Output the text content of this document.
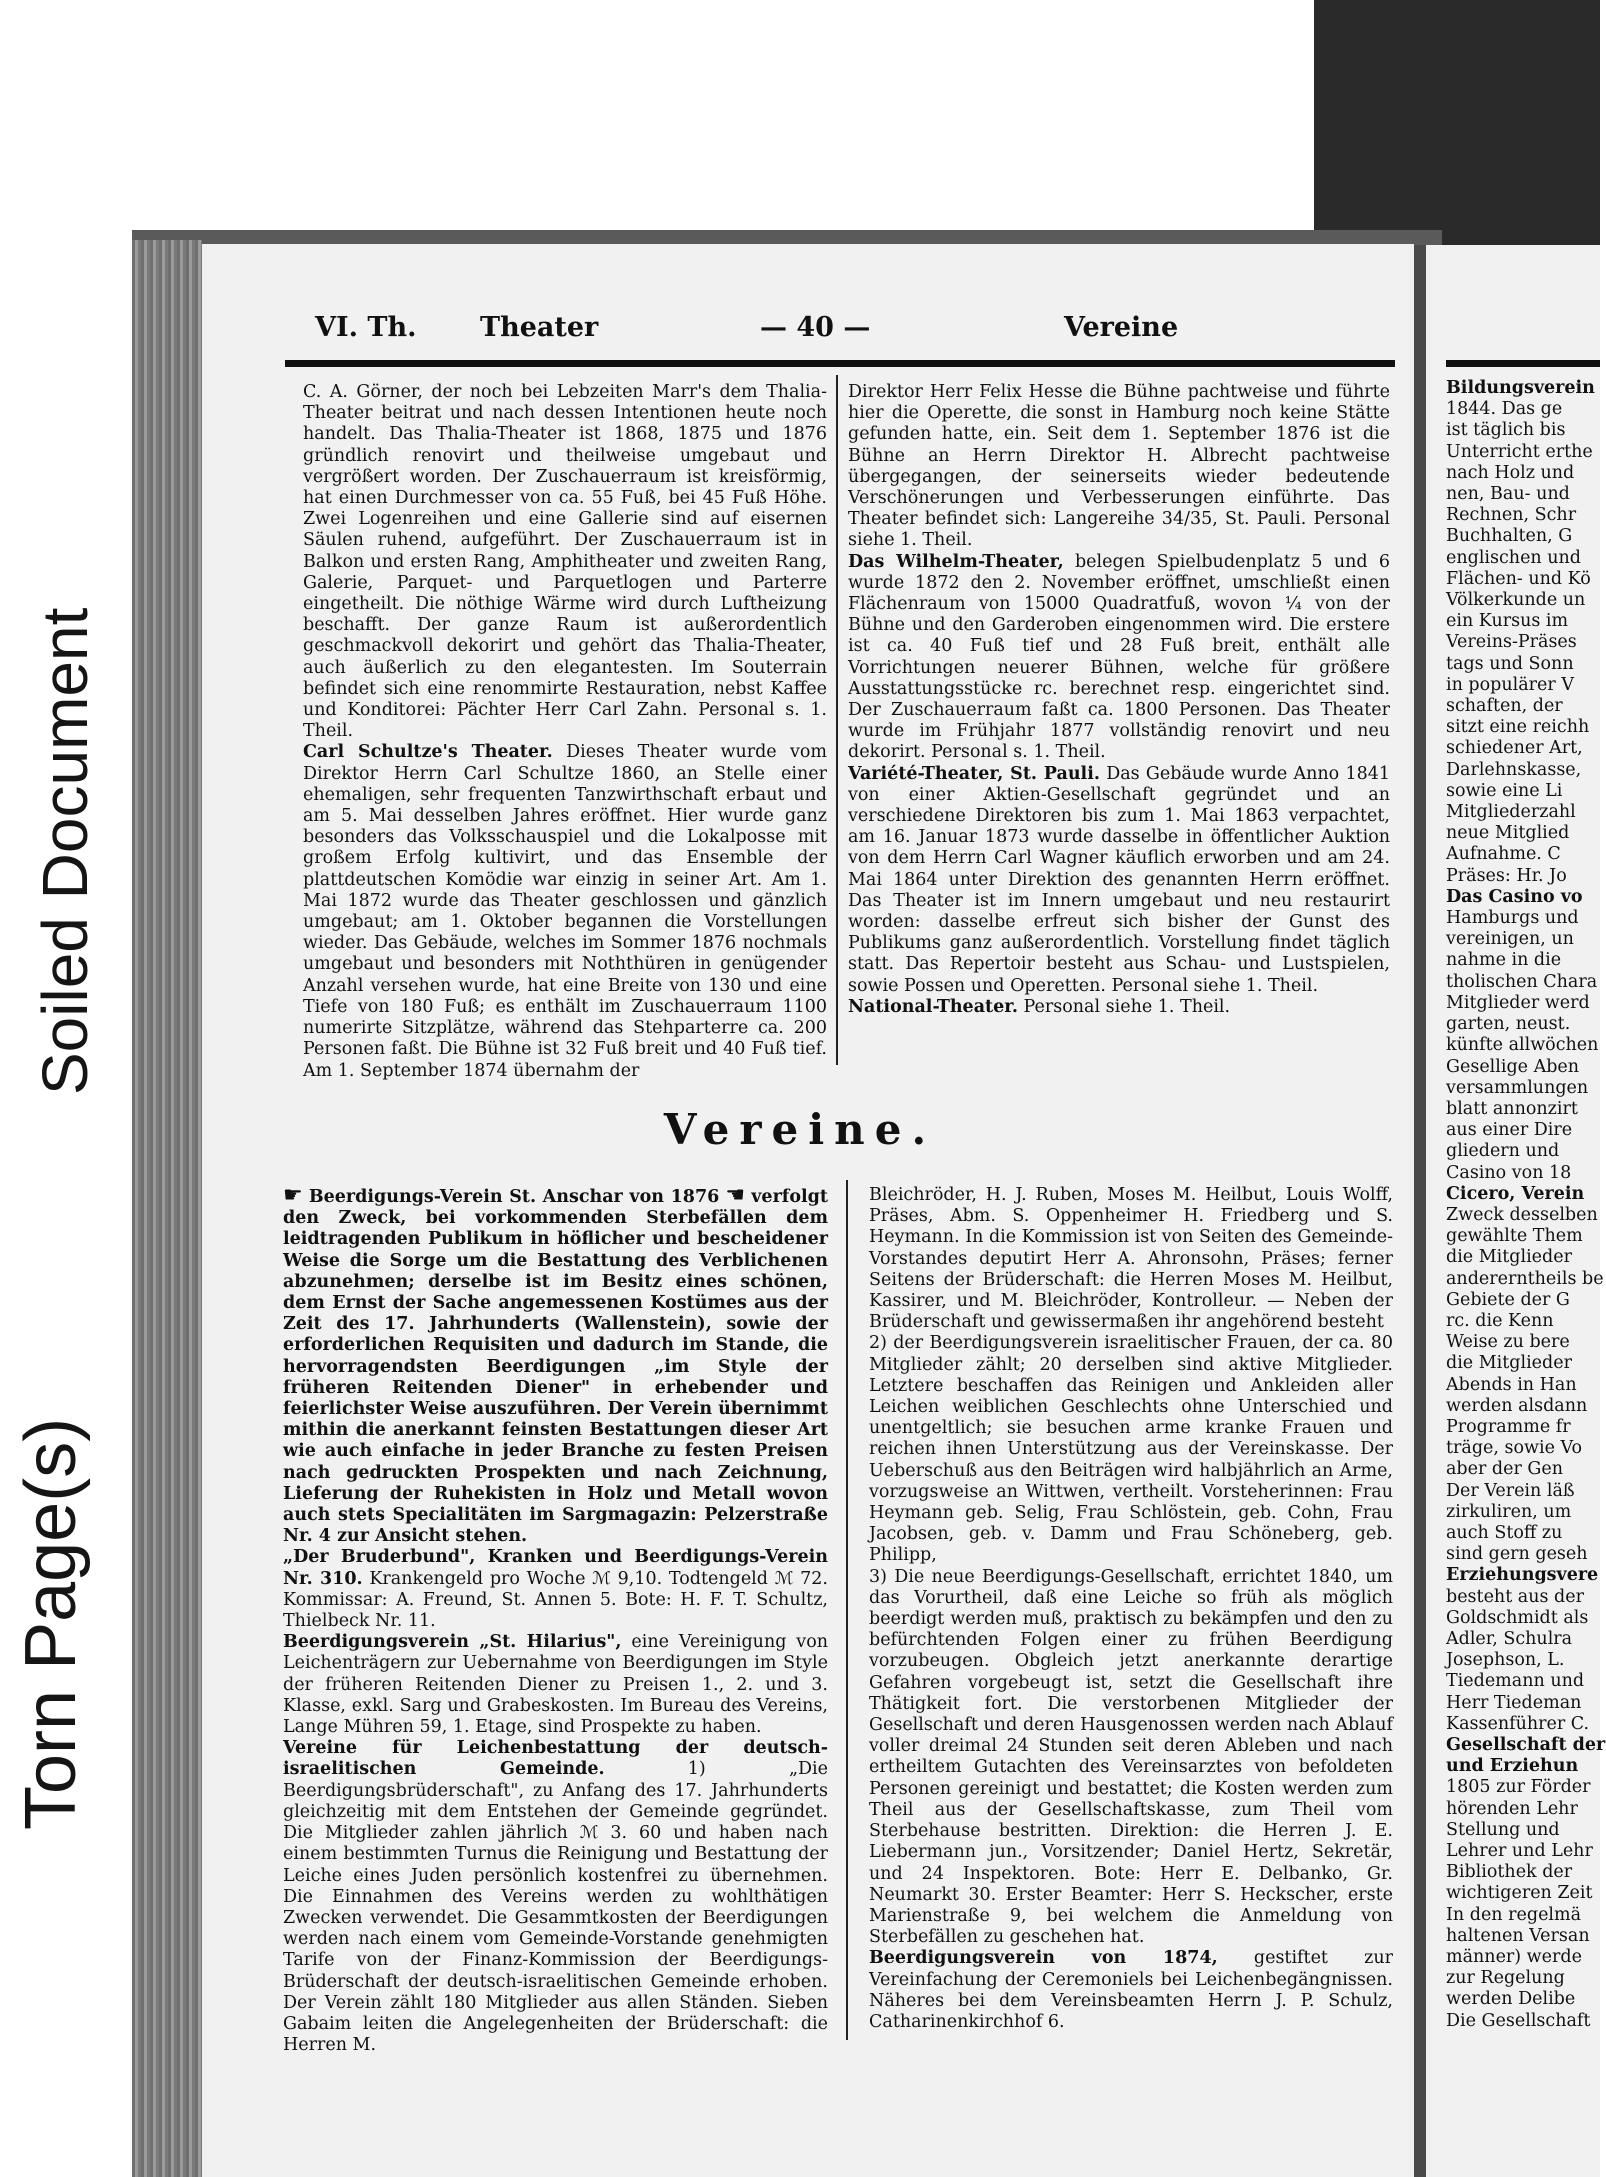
Soiled Document
Torn Page(s)
VI. Th. Theater	— 40 —	Vereine

C. A. Görner, der noch bei Lebzeiten Marr's dem Thalia-Theater beitrat und nach dessen Intentionen heute noch handelt. Das Thalia-Theater ist 1868, 1875 und 1876 gründlich renovirt und theilweise umgebaut und vergrößert worden. Der Zuschauerraum ist kreisförmig, hat einen Durchmesser von ca. 55 Fuß, bei 45 Fuß Höhe. Zwei Logenreihen und eine Gallerie sind auf eisernen Säulen ruhend, aufgeführt. Der Zuschauerraum ist in Balkon und ersten Rang, Amphitheater und zweiten Rang, Galerie, Parquet- und Parquetlogen und Parterre eingetheilt. Die nöthige Wärme wird durch Luftheizung beschafft. Der ganze Raum ist außerordentlich geschmackvoll dekorirt und gehört das Thalia-Theater, auch äußerlich zu den elegantesten. Im Souterrain befindet sich eine renommirte Restauration, nebst Kaffee und Konditorei: Pächter Herr Carl Zahn. Personal s. 1. Theil.

Carl Schultze's Theater. Dieses Theater wurde vom Direktor Herrn Carl Schultze 1860, an Stelle einer ehemaligen, sehr frequenten Tanzwirthschaft erbaut und am 5. Mai desselben Jahres eröffnet. Hier wurde ganz besonders das Volksschauspiel und die Lokalposse mit großem Erfolg kultivirt, und das Ensemble der plattdeutschen Komödie war einzig in seiner Art. Am 1. Mai 1872 wurde das Theater geschlossen und gänzlich umgebaut; am 1. Oktober begannen die Vorstellungen wieder. Das Gebäude, welches im Sommer 1876 nochmals umgebaut und besonders mit Noththüren in genügender Anzahl versehen wurde, hat eine Breite von 130 und eine Tiefe von 180 Fuß; es enthält im Zuschauerraum 1100 numerirte Sitzplätze, während das Stehparterre ca. 200 Personen faßt. Die Bühne ist 32 Fuß breit und 40 Fuß tief. Am 1. September 1874 übernahm der

Direktor Herr Felix Hesse die Bühne pachtweise und führte hier die Operette, die sonst in Hamburg noch keine Stätte gefunden hatte, ein. Seit dem 1. September 1876 ist die Bühne an Herrn Direktor H. Albrecht pachtweise übergegangen, der seinerseits wieder bedeutende Verschönerungen und Verbesserungen einführte. Das Theater befindet sich: Langereihe 34/35, St. Pauli. Personal siehe 1. Theil.

Das Wilhelm-Theater, belegen Spielbudenplatz 5 und 6 wurde 1872 den 2. November eröffnet, umschließt einen Flächenraum von 15000 Quadratfuß, wovon ¼ von der Bühne und den Garderoben eingenommen wird. Die erstere ist ca. 40 Fuß tief und 28 Fuß breit, enthält alle Vorrichtungen neuerer Bühnen, welche für größere Ausstattungsstücke rc. berechnet resp. eingerichtet sind. Der Zuschauerraum faßt ca. 1800 Personen. Das Theater wurde im Frühjahr 1877 vollständig renovirt und neu dekorirt. Personal s. 1. Theil.

Variété-Theater, St. Pauli. Das Gebäude wurde Anno 1841 von einer Aktien-Gesellschaft gegründet und an verschiedene Direktoren bis zum 1. Mai 1863 verpachtet, am 16. Januar 1873 wurde dasselbe in öffentlicher Auktion von dem Herrn Carl Wagner käuflich erworben und am 24. Mai 1864 unter Direktion des genannten Herrn eröffnet. Das Theater ist im Innern umgebaut und neu restaurirt worden: dasselbe erfreut sich bisher der Gunst des Publikums ganz außerordentlich. Vorstellung findet täglich statt. Das Repertoir besteht aus Schau- und Lustspielen, sowie Possen und Operetten. Personal siehe 1. Theil.

National-Theater. Personal siehe 1. Theil.

Vereine.

☛ Beerdigungs-Verein St. Anschar von 1876 ☚ verfolgt den Zweck, bei vorkommenden Sterbefällen dem leidtragenden Publikum in höflicher und bescheidener Weise die Sorge um die Bestattung des Verblichenen abzunehmen; derselbe ist im Besitz eines schönen, dem Ernst der Sache angemessenen Kostümes aus der Zeit des 17. Jahrhunderts (Wallenstein), sowie der erforderlichen Requisiten und dadurch im Stande, die hervorragendsten Beerdigungen „im Style der früheren Reitenden Diener" in erhebender und feierlichster Weise auszuführen. Der Verein übernimmt mithin die anerkannt feinsten Bestattungen dieser Art wie auch einfache in jeder Branche zu festen Preisen nach gedruckten Prospekten und nach Zeichnung, Lieferung der Ruhekisten in Holz und Metall wovon auch stets Specialitäten im Sargmagazin: Pelzerstraße Nr. 4 zur Ansicht stehen.

„Der Bruderbund", Kranken und Beerdigungs-Verein Nr. 310. Krankengeld pro Woche ℳ 9,10. Todtengeld ℳ 72. Kommissar: A. Freund, St. Annen 5. Bote: H. F. T. Schultz, Thielbeck Nr. 11.

Beerdigungsverein „St. Hilarius", eine Vereinigung von Leichenträgern zur Uebernahme von Beerdigungen im Style der früheren Reitenden Diener zu Preisen 1., 2. und 3. Klasse, exkl. Sarg und Grabeskosten. Im Bureau des Vereins, Lange Mühren 59, 1. Etage, sind Prospekte zu haben.

Vereine für Leichenbestattung der deutsch-israelitischen Gemeinde.	1) „Die Beerdigungsbrüderschaft", zu Anfang des 17. Jahrhunderts gleichzeitig mit dem Entstehen der Gemeinde gegründet. Die Mitglieder zahlen jährlich ℳ 3. 60 und haben nach einem bestimmten Turnus die Reinigung und Bestattung der Leiche eines Juden persönlich kostenfrei zu übernehmen. Die Einnahmen des Vereins werden zu wohlthätigen Zwecken verwendet. Die Gesammtkosten der Beerdigungen werden nach einem vom Gemeinde-Vorstande genehmigten Tarife von der Finanz-Kommission der Beerdigungs-Brüderschaft der deutsch-israelitischen Gemeinde erhoben. Der Verein zählt 180 Mitglieder aus allen Ständen. Sieben Gabaim leiten die Angelegenheiten der Brüderschaft: die Herren M.

Bleichröder, H. J. Ruben, Moses M. Heilbut, Louis Wolff, Präses, Abm. S. Oppenheimer H. Friedberg und S. Heymann. In die Kommission ist von Seiten des Gemeinde-Vorstandes deputirt Herr A. Ahronsohn, Präses; ferner Seitens der Brüderschaft: die Herren Moses M. Heilbut, Kassirer, und M. Bleichröder, Kontrolleur. — Neben der Brüderschaft und gewissermaßen ihr angehörend besteht

2) der Beerdigungsverein israelitischer Frauen, der ca. 80 Mitglieder zählt; 20 derselben sind aktive Mitglieder. Letztere beschaffen das Reinigen und Ankleiden aller Leichen weiblichen Geschlechts ohne Unterschied und unentgeltlich; sie besuchen arme kranke Frauen und reichen ihnen Unterstützung aus der Vereinskasse. Der Ueberschuß aus den Beiträgen wird halbjährlich an Arme, vorzugsweise an Wittwen, vertheilt. Vorsteherinnen: Frau Heymann geb. Selig, Frau Schlöstein, geb. Cohn, Frau Jacobsen, geb. v. Damm und Frau Schöneberg, geb. Philipp,

3) Die neue Beerdigungs-Gesellschaft, errichtet 1840, um das Vorurtheil, daß eine Leiche so früh als möglich beerdigt werden muß, praktisch zu bekämpfen und den zu befürchtenden Folgen einer zu frühen Beerdigung vorzubeugen. Obgleich jetzt anerkannte derartige Gefahren vorgebeugt ist, setzt die Gesellschaft ihre Thätigkeit fort. Die verstorbenen Mitglieder der Gesellschaft und deren Hausgenossen werden nach Ablauf voller dreimal 24 Stunden seit deren Ableben und nach ertheiltem Gutachten des Vereinsarztes von befoldeten Personen gereinigt und bestattet; die Kosten werden zum Theil aus der Gesellschaftskasse, zum Theil vom Sterbehause bestritten. Direktion: die Herren J. E. Liebermann jun., Vorsitzender; Daniel Hertz, Sekretär, und 24 Inspektoren. Bote: Herr E. Delbanko, Gr. Neumarkt 30. Erster Beamter: Herr S. Heckscher, erste Marienstraße 9, bei welchem die Anmeldung von Sterbefällen zu geschehen hat.

Beerdigungsverein von 1874, gestiftet zur Vereinfachung der Ceremoniels bei Leichenbegängnissen. Näheres bei dem Vereinsbeamten Herrn J. P. Schulz, Catharinenkirchhof 6.

Bildungsverein
1844. Das ge
ist täglich bis
Unterricht erthe
nach Holz und
nen, Bau- und
Rechnen, Schr
Buchhalten, G
englischen und
Flächen- und Kö
Völkerkunde un
ein Kursus im
Vereins-Präses
tags und Sonn
in populärer V
schaften, der
sitzt eine reichh
schiedener Art,
Darlehnskasse,
sowie eine Li
Mitgliederzahl
neue Mitglied
Aufnahme. C
Präses: Hr. Jo
Das Casino vo
Hamburgs und
vereinigen, un
nahme in die
tholischen Chara
Mitglieder werd
garten, neust.
künfte allwöchen
Gesellige Aben
versammlungen
blatt annonzirt
aus einer Dire
gliedern und
Casino von 18
Cicero, Verein
Zweck desselben
gewählte Them
die Mitglieder
andererntheils be
Gebiete der G
rc. die Kenn
Weise zu bere
die Mitglieder
Abends in Han
werden alsdann
Programme fr
träge, sowie Vo
aber der Gen
Der Verein läß
zirkuliren, um
auch Stoff zu
sind gern geseh
Erziehungsvere
besteht aus der
Goldschmidt als
Adler, Schulra
Josephson, L.
Tiedemann und
Herr Tiedeman
Kassenführer C.
Gesellschaft der
und Erziehun
1805 zur Förder
hörenden Lehr
Stellung und
Lehrer und Lehr
Bibliothek der
wichtigeren Zeit
In den regelmä
haltenen Versan
männer) werde
zur Regelung
werden Delibe
Die Gesellschaft
